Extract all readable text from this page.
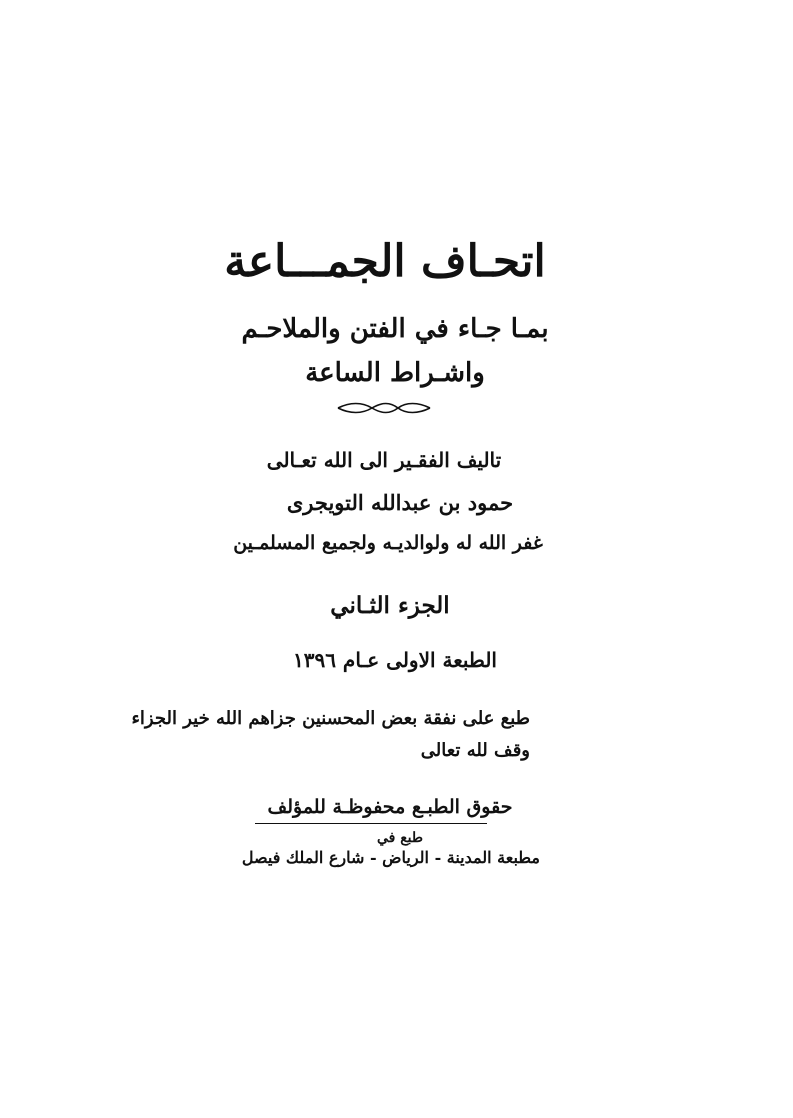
اتحـاف الجمـــاعة
بمـا جـاء في الفتن والملاحـم
واشـراط الساعة
تاليف الفقـير الى الله تعـالى
حمود بن عبدالله التويجرى
غفر الله له ولوالديـه ولجميع المسلمـين
الجزء الثـاني
الطبعة الاولى عـام ١٣٩٦
طبع على نفقة بعض المحسنين جزاهم الله خير الجزاء
وقف لله تعالى
حقوق الطبـع محفوظـة للمؤلف
طبع في
مطبعة المدينة - الرياض - شارع الملك فيصل
